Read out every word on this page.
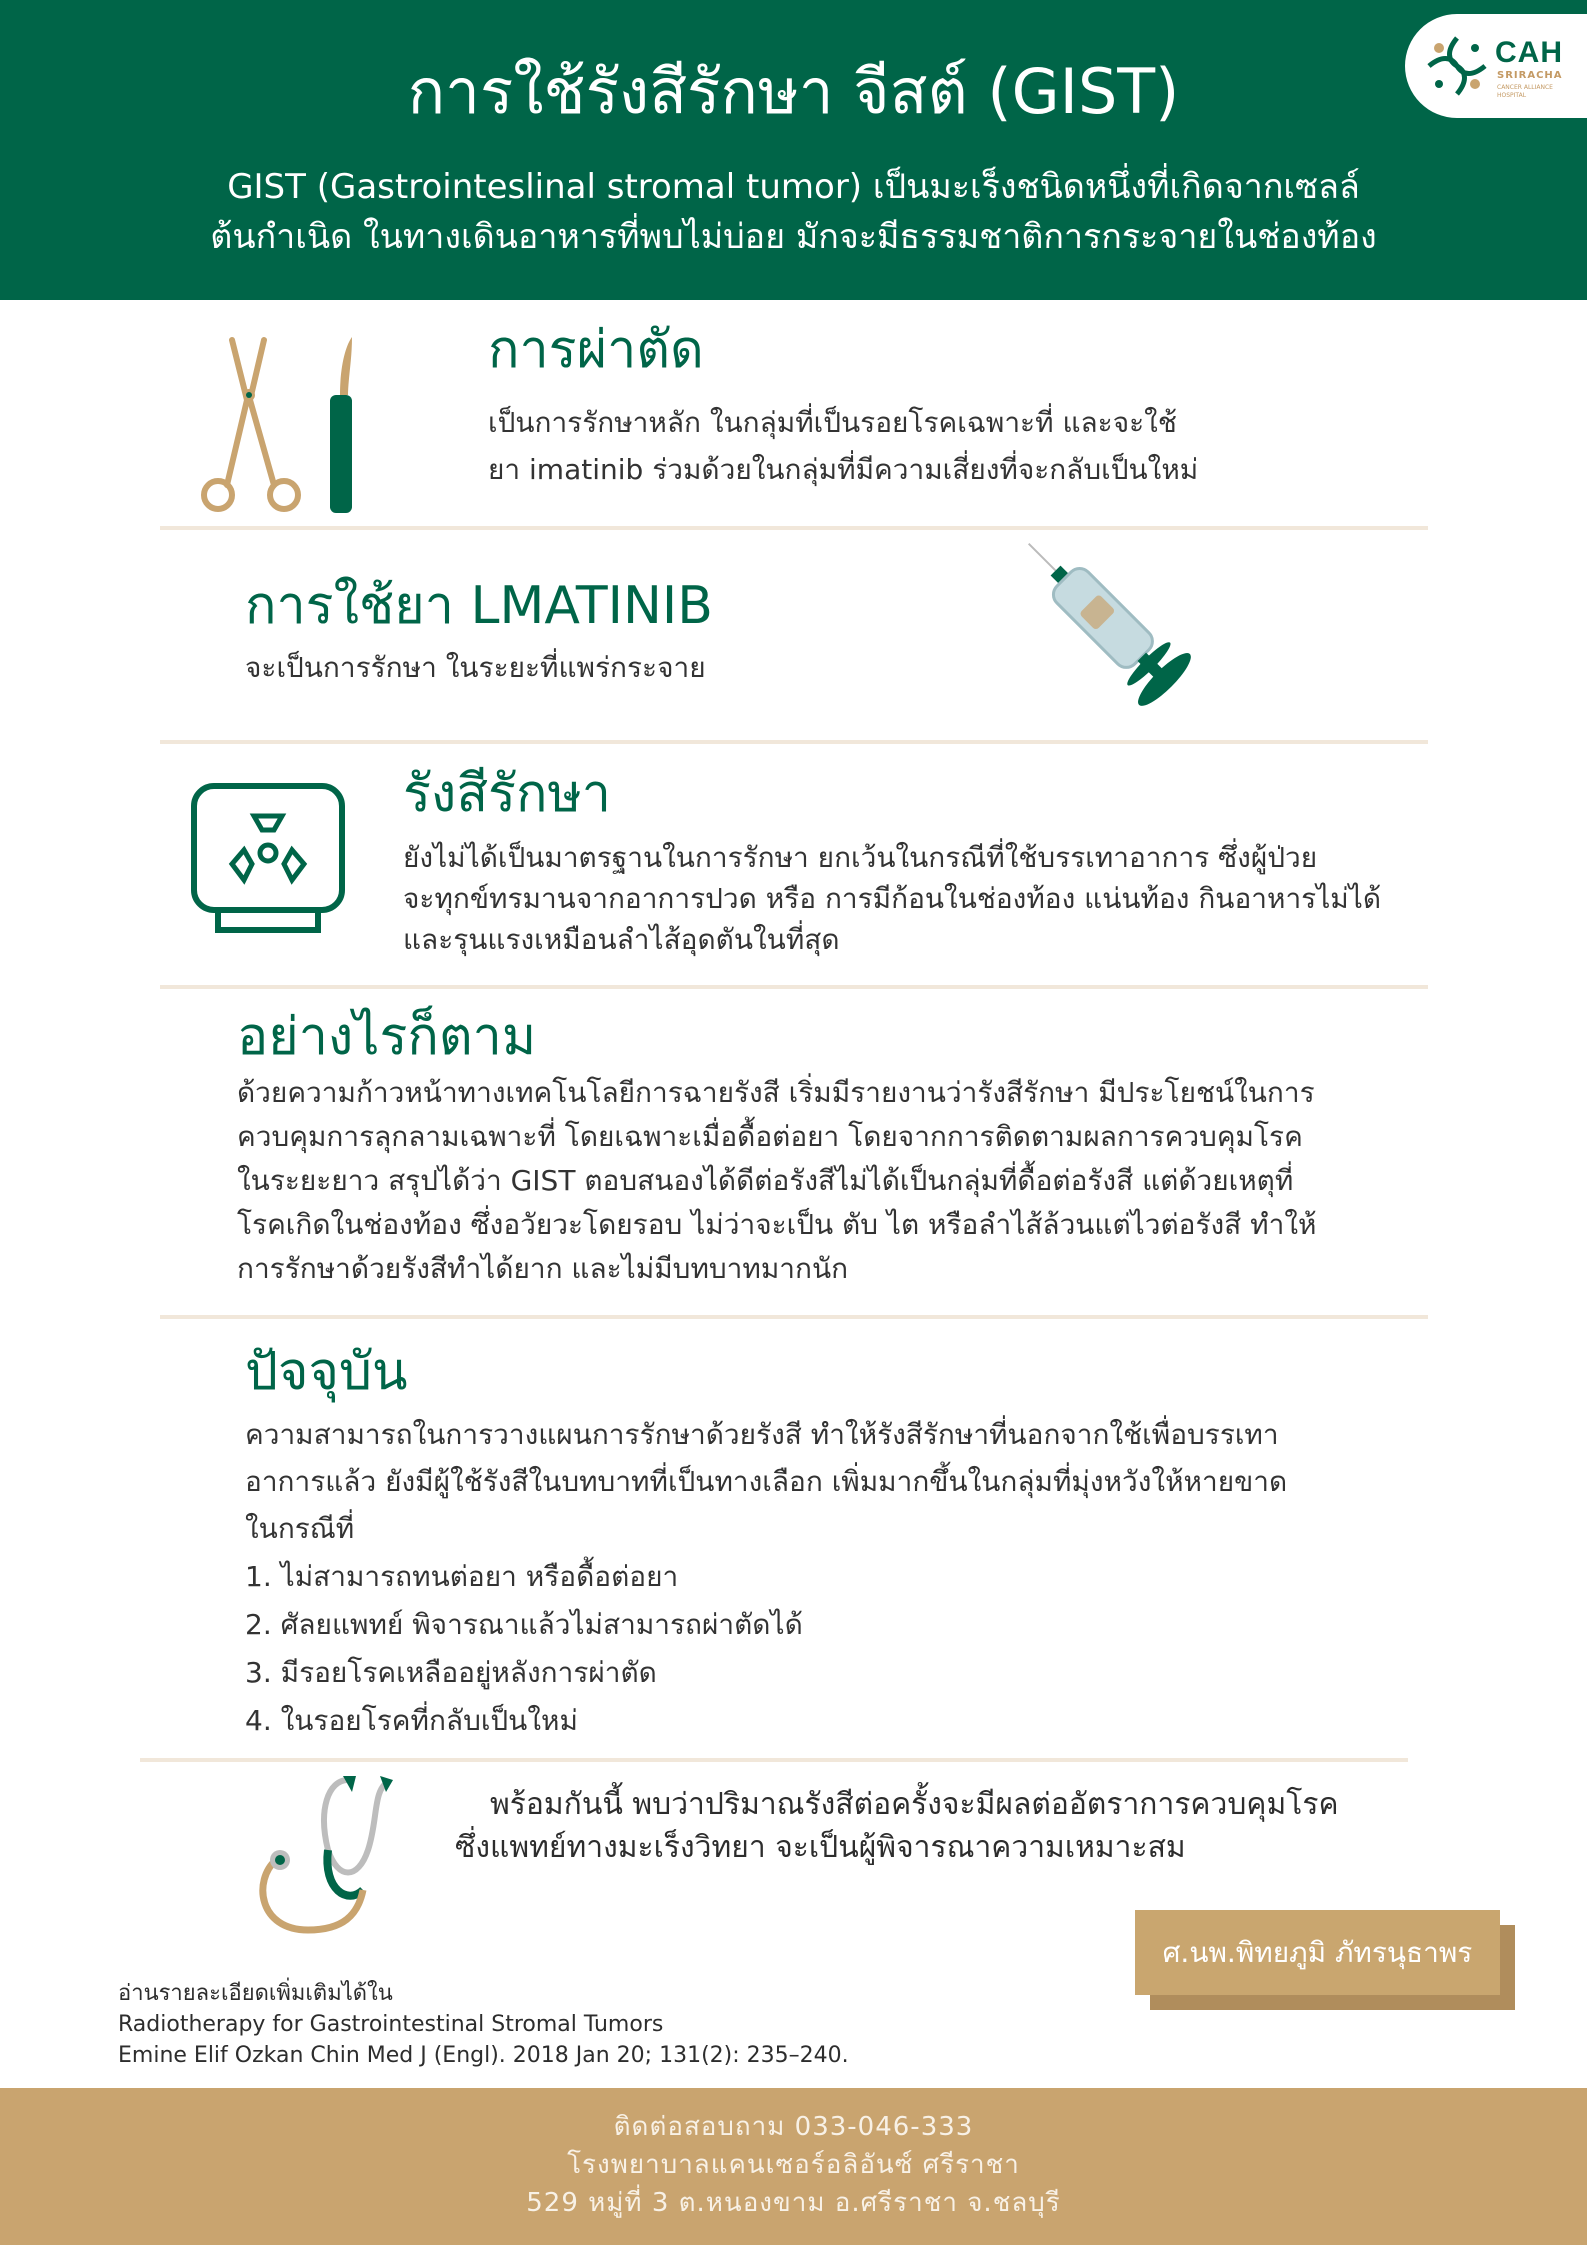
การใช้รังสีรักษา จีสต์ (GIST)
GIST (Gastrointeslinal stromal tumor) เป็นมะเร็งชนิดหนึ่งที่เกิดจากเซลล์
ต้นกำเนิด ในทางเดินอาหารที่พบไม่บ่อย มักจะมีธรรมชาติการกระจายในช่องท้อง
CAH
SRIRACHA
CANCER ALLIANCE
HOSPITAL
การผ่าตัด
เป็นการรักษาหลัก ในกลุ่มที่เป็นรอยโรคเฉพาะที่ และจะใช้
ยา imatinib ร่วมด้วยในกลุ่มที่มีความเสี่ยงที่จะกลับเป็นใหม่
การใช้ยา LMATINIB
จะเป็นการรักษา ในระยะที่แพร่กระจาย
รังสีรักษา
ยังไม่ได้เป็นมาตรฐานในการรักษา ยกเว้นในกรณีที่ใช้บรรเทาอาการ ซึ่งผู้ป่วย
จะทุกข์ทรมานจากอาการปวด หรือ การมีก้อนในช่องท้อง แน่นท้อง กินอาหารไม่ได้
และรุนแรงเหมือนลำไส้อุดตันในที่สุด
อย่างไรก็ตาม
ด้วยความก้าวหน้าทางเทคโนโลยีการฉายรังสี เริ่มมีรายงานว่ารังสีรักษา มีประโยชน์ในการ
ควบคุมการลุกลามเฉพาะที่ โดยเฉพาะเมื่อดื้อต่อยา โดยจากการติดตามผลการควบคุมโรค
ในระยะยาว สรุปได้ว่า GIST ตอบสนองได้ดีต่อรังสีไม่ได้เป็นกลุ่มที่ดื้อต่อรังสี แต่ด้วยเหตุที่
โรคเกิดในช่องท้อง ซึ่งอวัยวะโดยรอบ ไม่ว่าจะเป็น ตับ ไต หรือลำไส้ล้วนแต่ไวต่อรังสี ทำให้
การรักษาด้วยรังสีทำได้ยาก และไม่มีบทบาทมากนัก
ปัจจุบัน
ความสามารถในการวางแผนการรักษาด้วยรังสี ทำให้รังสีรักษาที่นอกจากใช้เพื่อบรรเทา
อาการแล้ว ยังมีผู้ใช้รังสีในบทบาทที่เป็นทางเลือก เพิ่มมากขึ้นในกลุ่มที่มุ่งหวังให้หายขาด
ในกรณีที่
1. ไม่สามารถทนต่อยา หรือดื้อต่อยา
2. ศัลยแพทย์ พิจารณาแล้วไม่สามารถผ่าตัดได้
3. มีรอยโรคเหลืออยู่หลังการผ่าตัด
4. ในรอยโรคที่กลับเป็นใหม่
พร้อมกันนี้ พบว่าปริมาณรังสีต่อครั้งจะมีผลต่ออัตราการควบคุมโรค
ซึ่งแพทย์ทางมะเร็งวิทยา จะเป็นผู้พิจารณาความเหมาะสม
ศ.นพ.พิทยภูมิ ภัทรนุธาพร
อ่านรายละเอียดเพิ่มเติมได้ใน
Radiotherapy for Gastrointestinal Stromal Tumors
Emine Elif Ozkan Chin Med J (Engl). 2018 Jan 20; 131(2): 235–240.
ติดต่อสอบถาม 033-046-333
โรงพยาบาลแคนเซอร์อลิอันซ์ ศรีราชา
529 หมู่ที่ 3 ต.หนองขาม อ.ศรีราชา จ.ชลบุรี
